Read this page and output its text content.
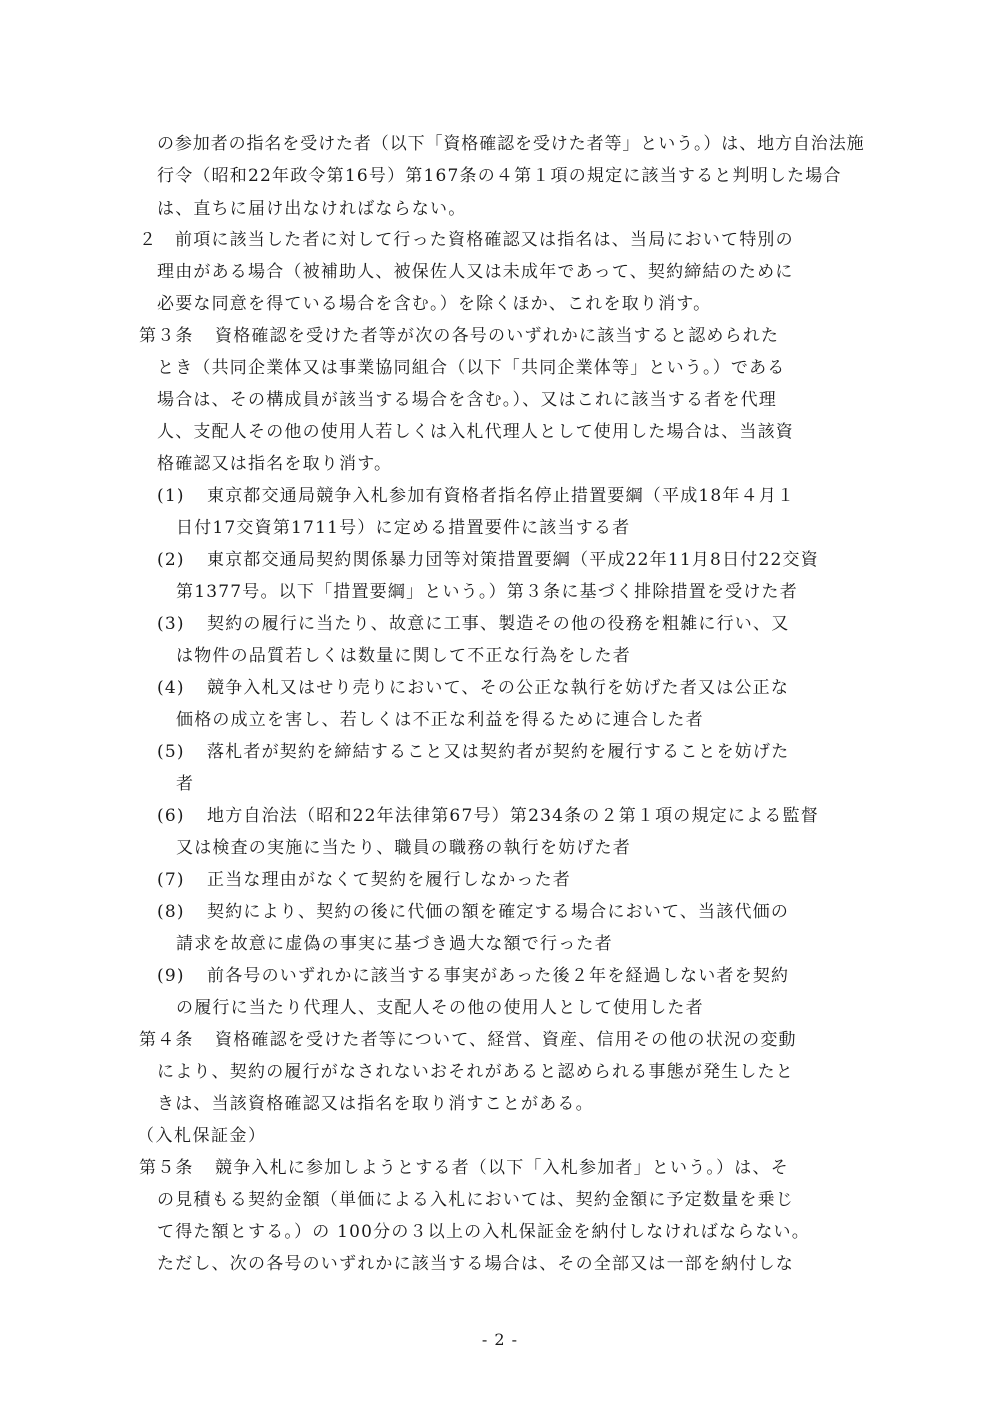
の参加者の指名を受けた者（以下「資格確認を受けた者等」という。）は、地方自治法施
行令（昭和22年政令第16号）第167条の４第１項の規定に該当すると判明した場合
は、直ちに届け出なければならない。
２ 前項に該当した者に対して行った資格確認又は指名は、当局において特別の
理由がある場合（被補助人、被保佐人又は未成年であって、契約締結のために
必要な同意を得ている場合を含む。）を除くほか、これを取り消す。
第３条 資格確認を受けた者等が次の各号のいずれかに該当すると認められた
とき（共同企業体又は事業協同組合（以下「共同企業体等」という。）である
場合は、その構成員が該当する場合を含む。）、又はこれに該当する者を代理
人、支配人その他の使用人若しくは入札代理人として使用した場合は、当該資
格確認又は指名を取り消す。
(1) 東京都交通局競争入札参加有資格者指名停止措置要綱（平成18年４月１
日付17交資第1711号）に定める措置要件に該当する者
(2) 東京都交通局契約関係暴力団等対策措置要綱（平成22年11月8日付22交資
第1377号。以下「措置要綱」という。）第３条に基づく排除措置を受けた者
(3) 契約の履行に当たり、故意に工事、製造その他の役務を粗雑に行い、又
は物件の品質若しくは数量に関して不正な行為をした者
(4) 競争入札又はせり売りにおいて、その公正な執行を妨げた者又は公正な
価格の成立を害し、若しくは不正な利益を得るために連合した者
(5) 落札者が契約を締結すること又は契約者が契約を履行することを妨げた
者
(6) 地方自治法（昭和22年法律第67号）第234条の２第１項の規定による監督
又は検査の実施に当たり、職員の職務の執行を妨げた者
(7) 正当な理由がなくて契約を履行しなかった者
(8) 契約により、契約の後に代価の額を確定する場合において、当該代価の
請求を故意に虚偽の事実に基づき過大な額で行った者
(9) 前各号のいずれかに該当する事実があった後２年を経過しない者を契約
の履行に当たり代理人、支配人その他の使用人として使用した者
第４条 資格確認を受けた者等について、経営、資産、信用その他の状況の変動
により、契約の履行がなされないおそれがあると認められる事態が発生したと
きは、当該資格確認又は指名を取り消すことがある。
（入札保証金）
第５条 競争入札に参加しようとする者（以下「入札参加者」という。）は、そ
の見積もる契約金額（単価による入札においては、契約金額に予定数量を乗じ
て得た額とする。）の 100分の３以上の入札保証金を納付しなければならない。
ただし、次の各号のいずれかに該当する場合は、その全部又は一部を納付しな
- 2 -
